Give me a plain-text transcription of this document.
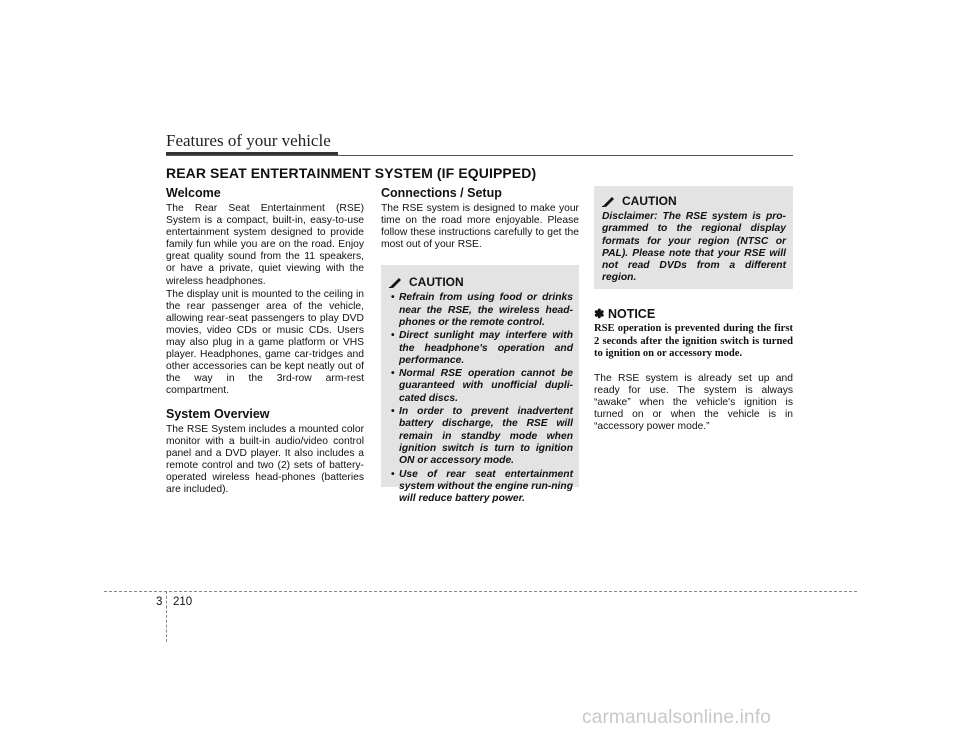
Features of your vehicle
REAR SEAT ENTERTAINMENT SYSTEM (IF EQUIPPED)
Welcome

The Rear Seat Entertainment (RSE) System is a compact, built-in, easy-to-use entertainment system designed to provide family fun while you are on the road. Enjoy great quality sound from the 11 speakers, or have a private, quiet viewing with the wireless headphones.

The display unit is mounted to the ceiling in the rear passenger area of the vehicle, allowing rear-seat passengers to play DVD movies, video CDs or music CDs. Users may also plug in a game platform or VHS player. Headphones, game car-tridges and other accessories can be kept neatly out of the way in the 3rd-row arm-rest compartment.

System Overview

The RSE System includes a mounted color monitor with a built-in audio/video control panel and a DVD player. It also includes a remote control and two (2) sets of battery-operated wireless head-phones (batteries are included).

Connections / Setup

The RSE system is designed to make your time on the road more enjoyable. Please follow these instructions carefully to get the most out of your RSE.

CAUTION
• Refrain from using food or drinks near the RSE, the wireless head-phones or the remote control.
• Direct sunlight may interfere with the headphone's operation and performance.
• Normal RSE operation cannot be guaranteed with unofficial dupli-cated discs.
• In order to prevent inadvertent battery discharge, the RSE will remain in standby mode when ignition switch is turn to ignition ON or accessory mode.
• Use of rear seat entertainment system without the engine run-ning will reduce battery power.
CAUTION

Disclaimer: The RSE system is pro-grammed to the regional display formats for your region (NTSC or PAL). Please note that your RSE will not read DVDs from a different region.

✽ NOTICE

RSE operation is prevented during the first 2 seconds after the ignition switch is turned to ignition on or accessory mode.

The RSE system is already set up and ready for use. The system is always “awake” when the vehicle's ignition is turned on or when the vehicle is in “accessory power mode.”

3 210
carmanualsonline.info
